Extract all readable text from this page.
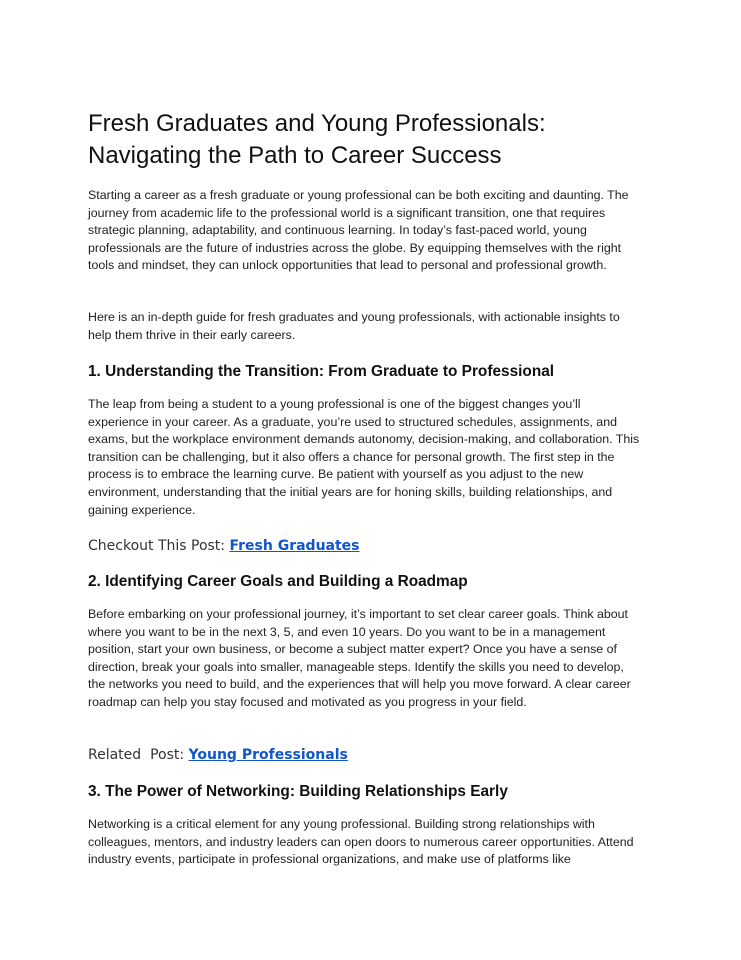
Fresh Graduates and Young Professionals: Navigating the Path to Career Success

Starting a career as a fresh graduate or young professional can be both exciting and daunting. The journey from academic life to the professional world is a significant transition, one that requires strategic planning, adaptability, and continuous learning. In today’s fast-paced world, young professionals are the future of industries across the globe. By equipping themselves with the right tools and mindset, they can unlock opportunities that lead to personal and professional growth.

Here is an in-depth guide for fresh graduates and young professionals, with actionable insights to help them thrive in their early careers.

1. Understanding the Transition: From Graduate to Professional

The leap from being a student to a young professional is one of the biggest changes you’ll experience in your career. As a graduate, you’re used to structured schedules, assignments, and exams, but the workplace environment demands autonomy, decision-making, and collaboration. This transition can be challenging, but it also offers a chance for personal growth. The first step in the process is to embrace the learning curve. Be patient with yourself as you adjust to the new environment, understanding that the initial years are for honing skills, building relationships, and gaining experience.

Checkout This Post: Fresh Graduates
2. Identifying Career Goals and Building a Roadmap

Before embarking on your professional journey, it’s important to set clear career goals. Think about where you want to be in the next 3, 5, and even 10 years. Do you want to be in a management position, start your own business, or become a subject matter expert? Once you have a sense of direction, break your goals into smaller, manageable steps. Identify the skills you need to develop, the networks you need to build, and the experiences that will help you move forward. A clear career roadmap can help you stay focused and motivated as you progress in your field.

Related  Post: Young Professionals
3. The Power of Networking: Building Relationships Early

Networking is a critical element for any young professional. Building strong relationships with colleagues, mentors, and industry leaders can open doors to numerous career opportunities. Attend industry events, participate in professional organizations, and make use of platforms like
